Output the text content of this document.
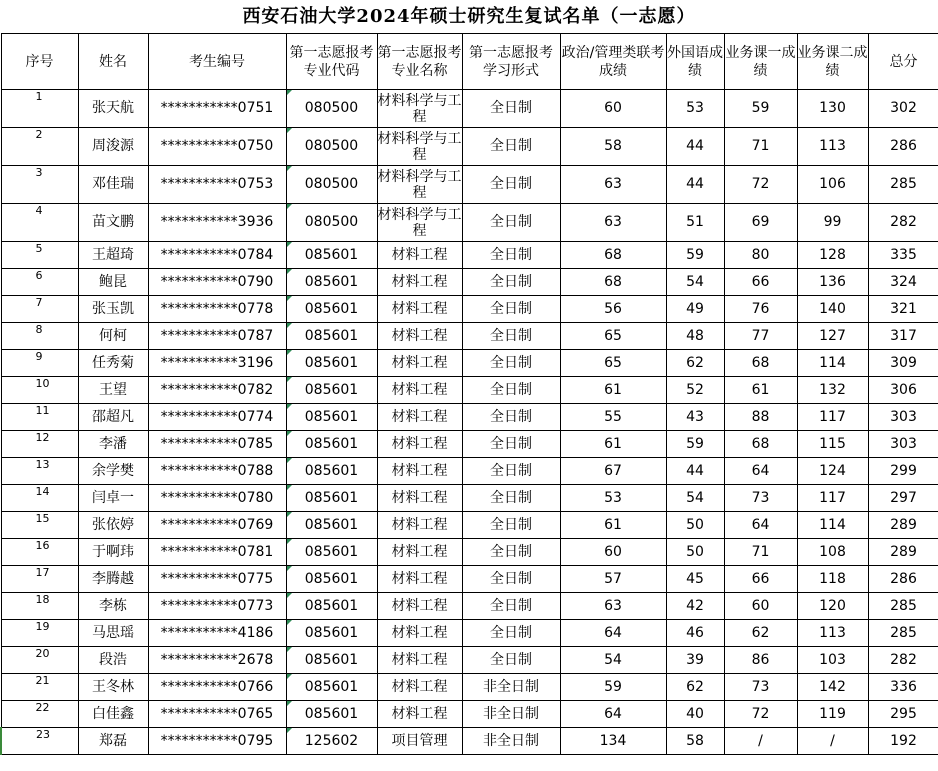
西安石油大学2024年硕士研究生复试名单（一志愿）
序号	姓名	考生编号	第一志愿报考专业代码	第一志愿报考专业名称	第一志愿报考学习形式	政治/管理类联考成绩	外国语成绩	业务课一成绩	业务课二成绩	总分
1	张天航	***********0751	080500	材料科学与工程	全日制	60	53	59	130	302
2	周浚源	***********0750	080500	材料科学与工程	全日制	58	44	71	113	286
3	邓佳瑞	***********0753	080500	材料科学与工程	全日制	63	44	72	106	285
4	苗文鹏	***********3936	080500	材料科学与工程	全日制	63	51	69	99	282
5	王超琦	***********0784	085601	材料工程	全日制	68	59	80	128	335
6	鲍昆	***********0790	085601	材料工程	全日制	68	54	66	136	324
7	张玉凯	***********0778	085601	材料工程	全日制	56	49	76	140	321
8	何柯	***********0787	085601	材料工程	全日制	65	48	77	127	317
9	任秀菊	***********3196	085601	材料工程	全日制	65	62	68	114	309
10	王望	***********0782	085601	材料工程	全日制	61	52	61	132	306
11	邵超凡	***********0774	085601	材料工程	全日制	55	43	88	117	303
12	李潘	***********0785	085601	材料工程	全日制	61	59	68	115	303
13	余学樊	***********0788	085601	材料工程	全日制	67	44	64	124	299
14	闫卓一	***********0780	085601	材料工程	全日制	53	54	73	117	297
15	张依婷	***********0769	085601	材料工程	全日制	61	50	64	114	289
16	于啊玮	***********0781	085601	材料工程	全日制	60	50	71	108	289
17	李腾越	***********0775	085601	材料工程	全日制	57	45	66	118	286
18	李栋	***********0773	085601	材料工程	全日制	63	42	60	120	285
19	马思瑶	***********4186	085601	材料工程	全日制	64	46	62	113	285
20	段浩	***********2678	085601	材料工程	全日制	54	39	86	103	282
21	王冬林	***********0766	085601	材料工程	非全日制	59	62	73	142	336
22	白佳鑫	***********0765	085601	材料工程	非全日制	64	40	72	119	295
23	郑磊	***********0795	125602	项目管理	非全日制	134	58	/	/	192
